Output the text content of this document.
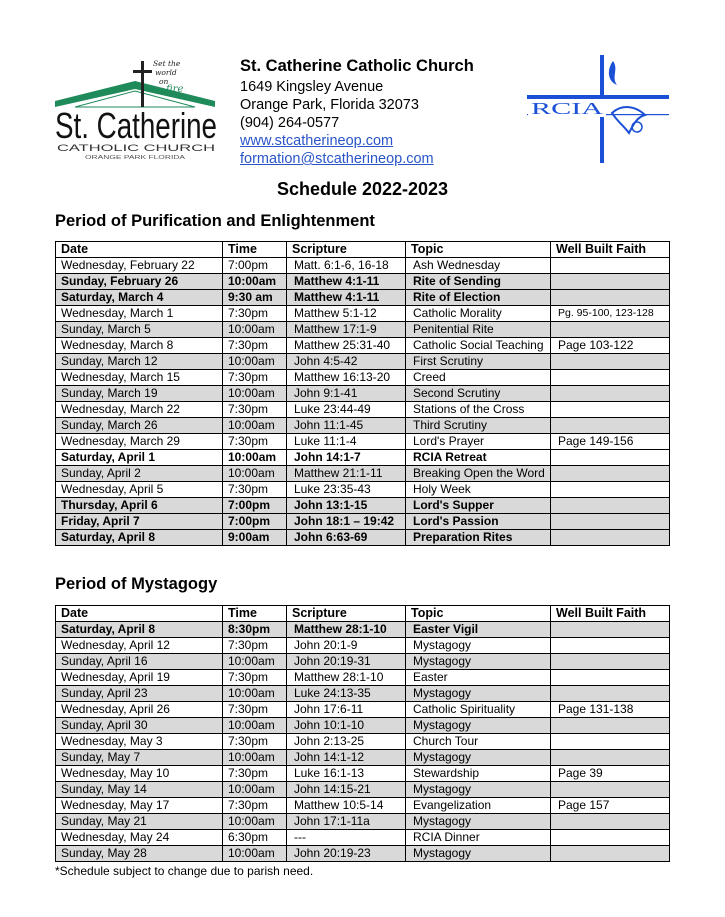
Set the
world
on
fire
St. Catherine
CATHOLIC CHURCH
ORANGE PARK FLORIDA
St. Catherine Catholic Church
1649 Kingsley Avenue
Orange Park, Florida 32073
(904) 264-0577
www.stcatherineop.com
formation@stcatherineop.com
RCIA
Schedule 2022-2023
Period of Purification and Enlightenment
Date	Time	Scripture	Topic	Well Built Faith
Wednesday, February 22	7:00pm	Matt. 6:1-6, 16-18	Ash Wednesday	
Sunday, February 26	10:00am	Matthew 4:1-11	Rite of Sending	
Saturday, March 4	9:30 am	Matthew 4:1-11	Rite of Election	
Wednesday, March 1	7:30pm	Matthew 5:1-12	Catholic Morality	Pg. 95-100, 123-128
Sunday, March 5	10:00am	Matthew 17:1-9	Penitential Rite	
Wednesday, March 8	7:30pm	Matthew 25:31-40	Catholic Social Teaching	Page 103-122
Sunday, March 12	10:00am	John 4:5-42	First Scrutiny	
Wednesday, March 15	7:30pm	Matthew 16:13-20	Creed	
Sunday, March 19	10:00am	John 9:1-41	Second Scrutiny	
Wednesday, March 22	7:30pm	Luke 23:44-49	Stations of the Cross	
Sunday, March 26	10:00am	John 11:1-45	Third Scrutiny	
Wednesday, March 29	7:30pm	Luke 11:1-4	Lord's Prayer	Page 149-156
Saturday, April 1	10:00am	John 14:1-7	RCIA Retreat	
Sunday, April 2	10:00am	Matthew 21:1-11	Breaking Open the Word	
Wednesday, April 5	7:30pm	Luke 23:35-43	Holy Week	
Thursday, April 6	7:00pm	John 13:1-15	Lord's Supper	
Friday, April 7	7:00pm	John 18:1 – 19:42	Lord's Passion	
Saturday, April 8	9:00am	John 6:63-69	Preparation Rites	
Period of Mystagogy
Date	Time	Scripture	Topic	Well Built Faith
Saturday, April 8	8:30pm	Matthew 28:1-10	Easter Vigil	
Wednesday, April 12	7:30pm	John 20:1-9	Mystagogy	
Sunday, April 16	10:00am	John 20:19-31	Mystagogy	
Wednesday, April 19	7:30pm	Matthew 28:1-10	Easter	
Sunday, April 23	10:00am	Luke 24:13-35	Mystagogy	
Wednesday, April 26	7:30pm	John 17:6-11	Catholic Spirituality	Page 131-138
Sunday, April 30	10:00am	John 10:1-10	Mystagogy	
Wednesday, May 3	7:30pm	John 2:13-25	Church Tour	
Sunday, May 7	10:00am	John 14:1-12	Mystagogy	
Wednesday, May 10	7:30pm	Luke 16:1-13	Stewardship	Page 39
Sunday, May 14	10:00am	John 14:15-21	Mystagogy	
Wednesday, May 17	7:30pm	Matthew 10:5-14	Evangelization	Page 157
Sunday, May 21	10:00am	John 17:1-11a	Mystagogy	
Wednesday, May 24	6:30pm	---	RCIA Dinner	
Sunday, May 28	10:00am	John 20:19-23	Mystagogy	
*Schedule subject to change due to parish need.
